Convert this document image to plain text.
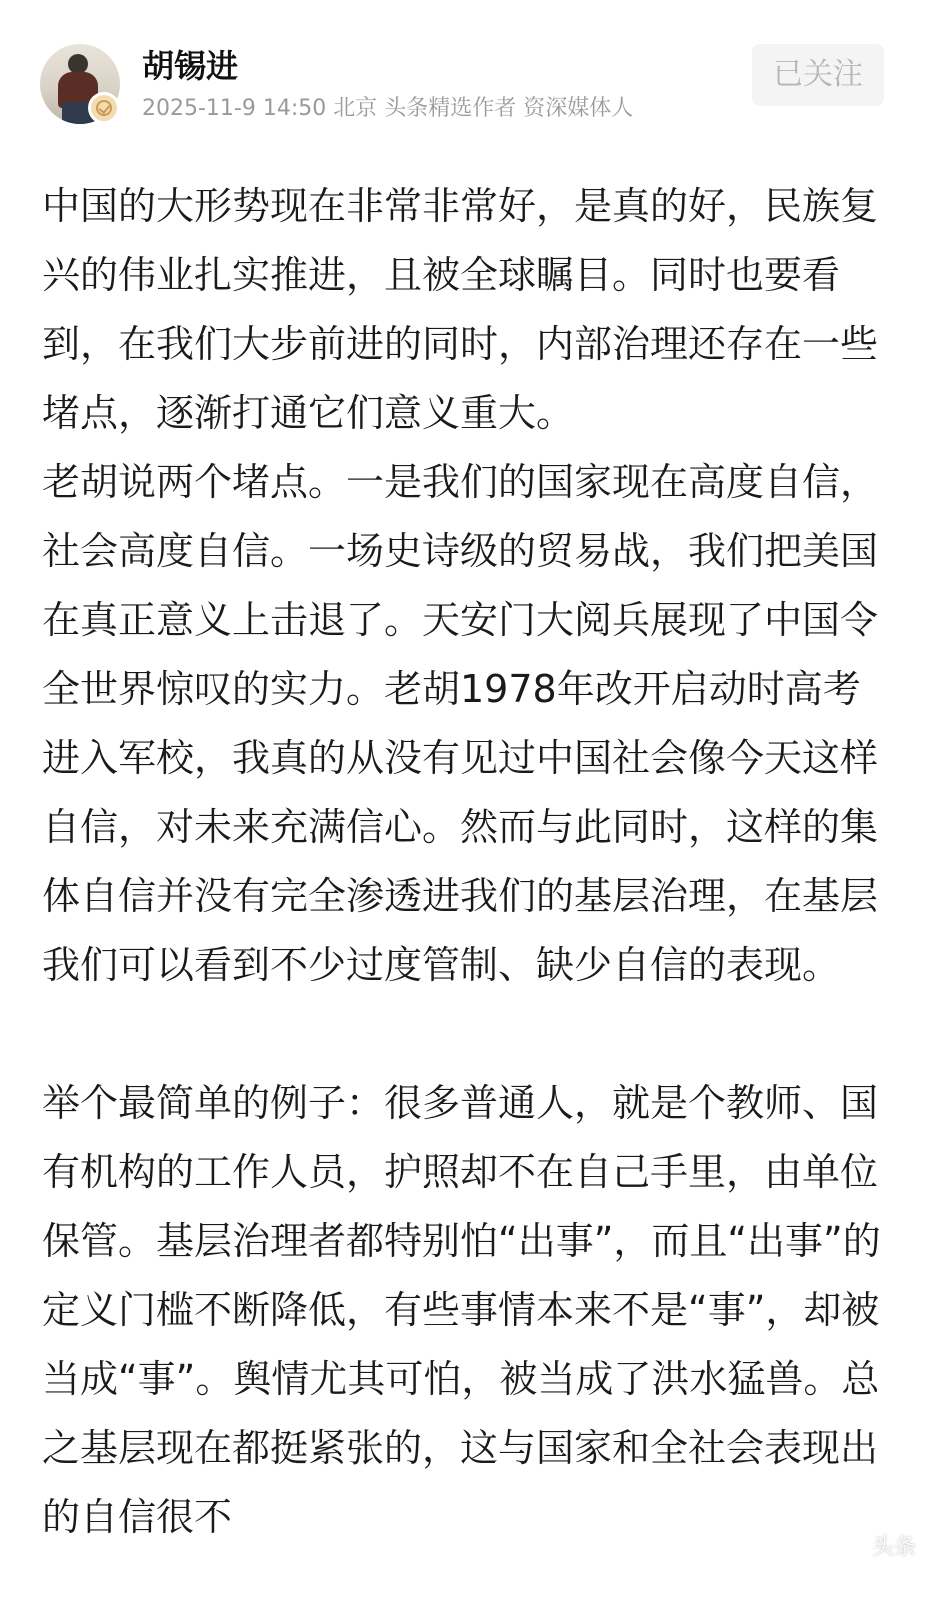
胡锡进
2025-11-9 14:50 北京 头条精选作者 资深媒体人
已关注

中国的大形势现在非常非常好，是真的好，民族复兴的伟业扎实推进，且被全球瞩目。同时也要看到，在我们大步前进的同时，内部治理还存在一些堵点，逐渐打通它们意义重大。

老胡说两个堵点。一是我们的国家现在高度自信，社会高度自信。一场史诗级的贸易战，我们把美国在真正意义上击退了。天安门大阅兵展现了中国令全世界惊叹的实力。老胡1978年改开启动时高考进入军校，我真的从没有见过中国社会像今天这样自信，对未来充满信心。然而与此同时，这样的集体自信并没有完全渗透进我们的基层治理，在基层我们可以看到不少过度管制、缺少自信的表现。

举个最简单的例子：很多普通人，就是个教师、国有机构的工作人员，护照却不在自己手里，由单位保管。基层治理者都特别怕“出事”，而且“出事”的定义门槛不断降低，有些事情本来不是“事”，却被当成“事”。舆情尤其可怕，被当成了洪水猛兽。总之基层现在都挺紧张的，这与国家和全社会表现出的自信很不

头条
